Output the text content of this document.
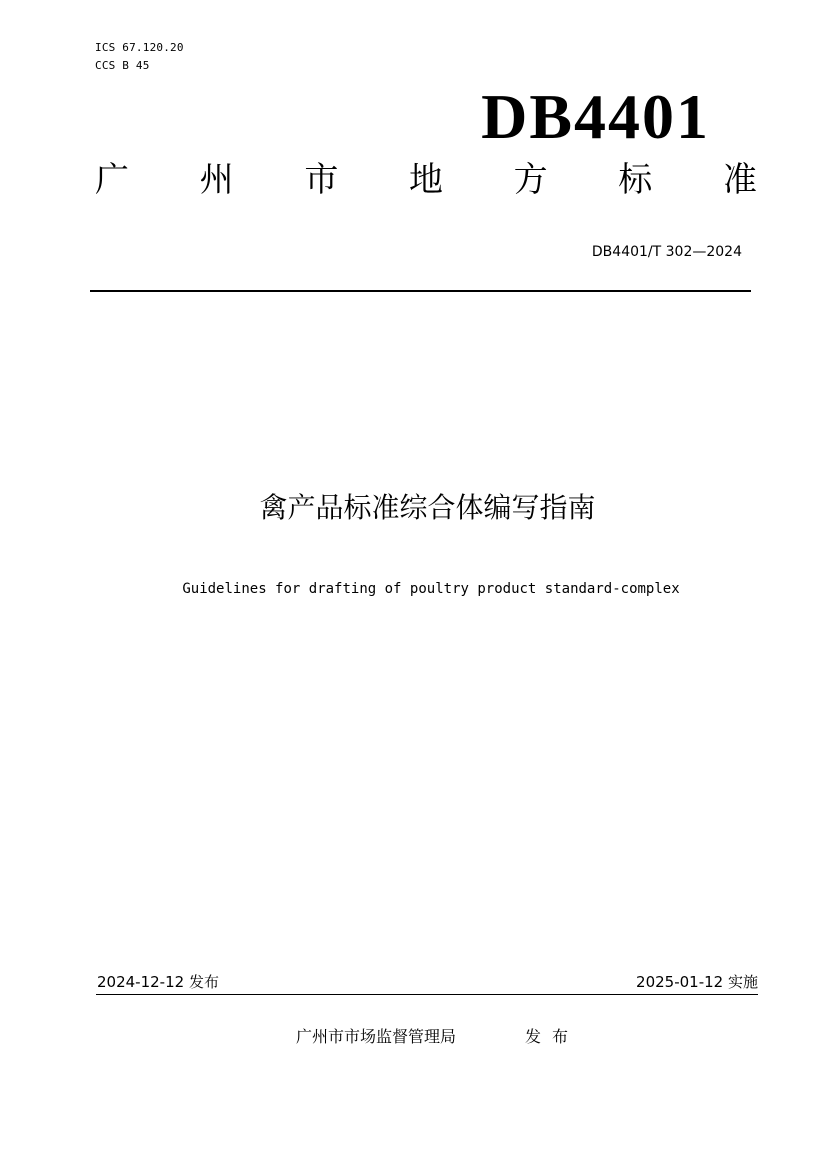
ICS 67.120.20
CCS B 45
DB4401
广 州 市 地 方 标 准
DB4401/T 302—2024
禽产品标准综合体编写指南
Guidelines for drafting of poultry product standard-complex
2024-12-12 发布	2025-01-12 实施
广州市市场监督管理局	发布
